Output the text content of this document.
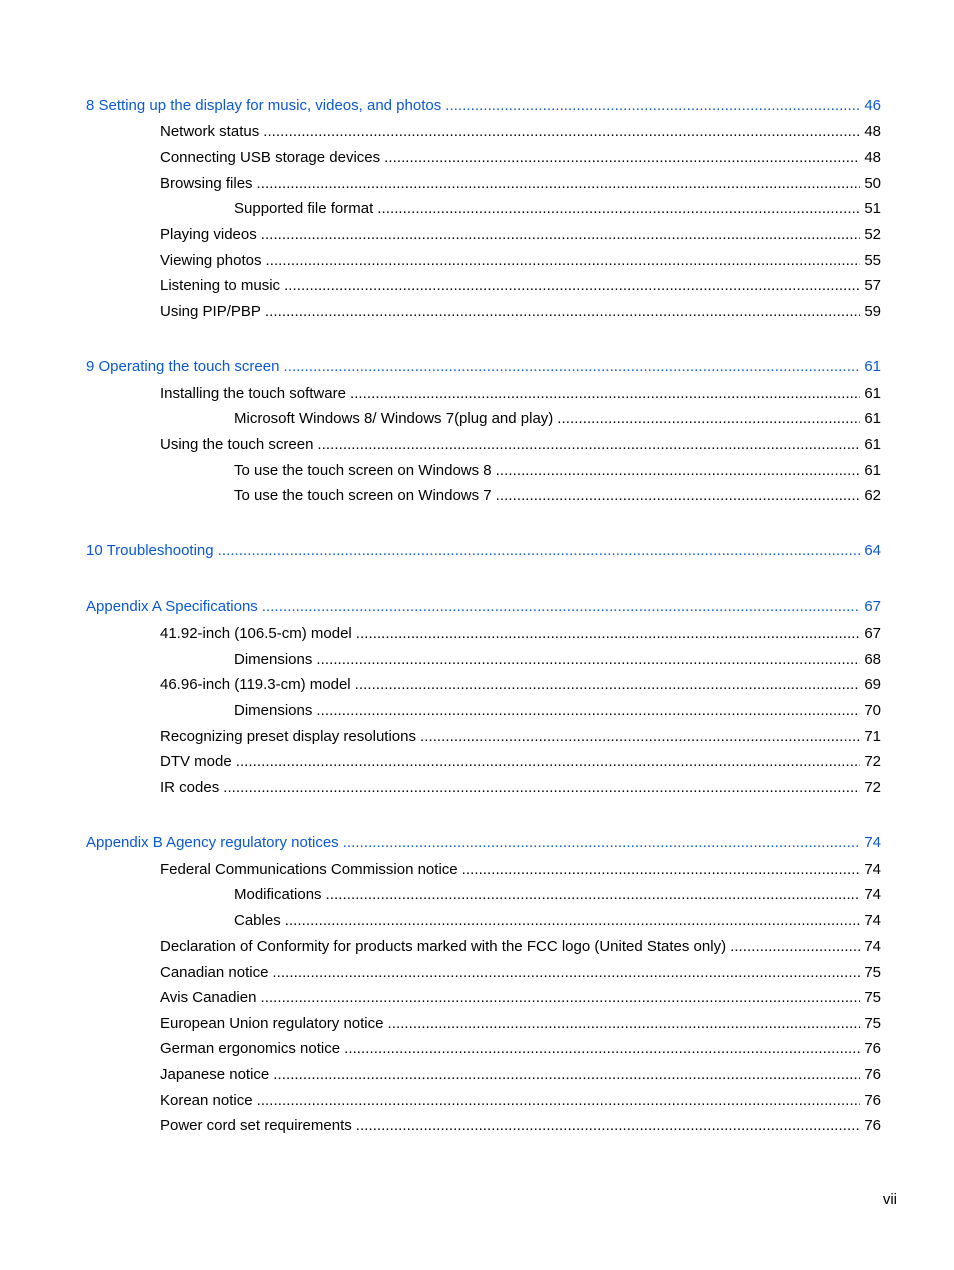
8 Setting up the display for music, videos, and photos . . .	46
Network status . . .	48
Connecting USB storage devices . . .	48
Browsing files . . .	50
Supported file format . . .	51
Playing videos . . .	52
Viewing photos . . .	55
Listening to music . . .	57
Using PIP/PBP . . .	59
9 Operating the touch screen . . .	61
Installing the touch software . . .	61
Microsoft Windows 8/ Windows 7(plug and play) . . .	61
Using the touch screen . . .	61
To use the touch screen on Windows 8 . . .	61
To use the touch screen on Windows 7 . . .	62
10 Troubleshooting . . .	64
Appendix A Specifications . . .	67
41.92-inch (106.5-cm) model . . .	67
Dimensions . . .	68
46.96-inch (119.3-cm) model . . .	69
Dimensions . . .	70
Recognizing preset display resolutions . . .	71
DTV mode . . .	72
IR codes . . .	72
Appendix B Agency regulatory notices . . .	74
Federal Communications Commission notice . . .	74
Modifications . . .	74
Cables . . .	74
Declaration of Conformity for products marked with the FCC logo (United States only) . . .	74
Canadian notice . . .	75
Avis Canadien . . .	75
European Union regulatory notice . . .	75
German ergonomics notice . . .	76
Japanese notice . . .	76
Korean notice . . .	76
Power cord set requirements . . .	76
vii
